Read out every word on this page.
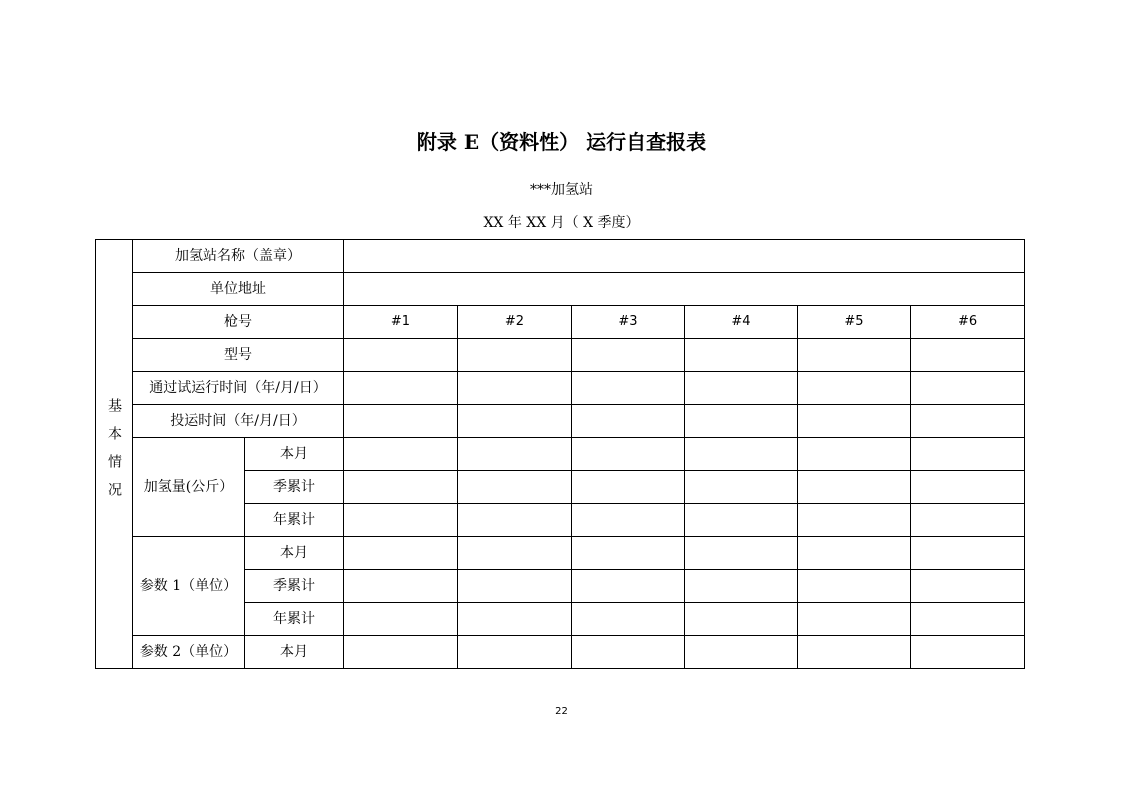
附录 E（资料性） 运行自查报表
***加氢站
XX 年 XX 月（ X 季度）
基本情况	加氢站名称（盖章）							
	单位地址							
	枪号		#1	#2	#3	#4	#5	#6
	型号							
	通过试运行时间（年/月/日）							
	投运时间（年/月/日）							
	加氢量(公斤）	本月						
		季累计						
		年累计						
	参数 1（单位）	本月						
		季累计						
		年累计						
	参数 2（单位）	本月						
22
